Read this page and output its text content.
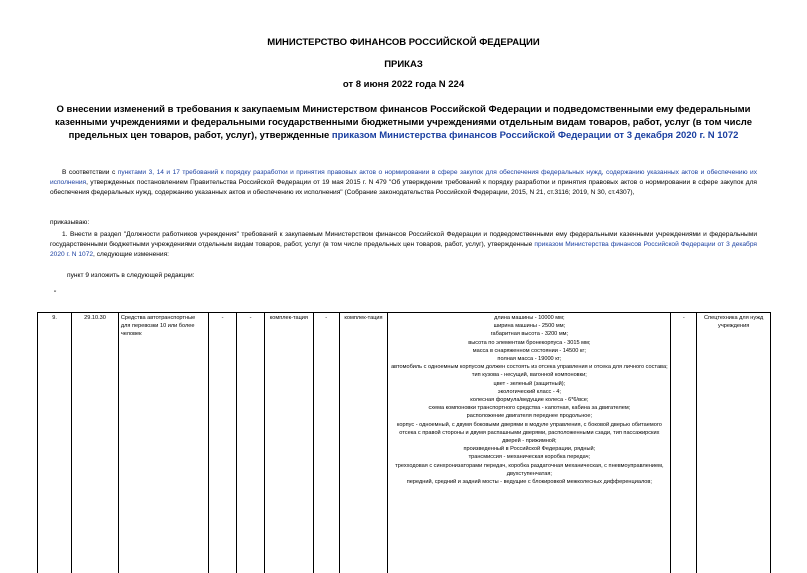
МИНИСТЕРСТВО ФИНАНСОВ РОССИЙСКОЙ ФЕДЕРАЦИИ
ПРИКАЗ
от 8 июня 2022 года N 224
О внесении изменений в требования к закупаемым Министерством финансов Российской Федерации и подведомственными ему федеральными казенными учреждениями и федеральными государственными бюджетными учреждениями отдельным видам товаров, работ, услуг (в том числе предельных цен товаров, работ, услуг), утвержденные приказом Министерства финансов Российской Федерации от 3 декабря 2020 г. N 1072
В соответствии с пунктами 3, 14 и 17 требований к порядку разработки и принятия правовых актов о нормировании в сфере закупок для обеспечения федеральных нужд, содержанию указанных актов и обеспечению их исполнения, утвержденных постановлением Правительства Российской Федерации от 19 мая 2015 г. N 479 "Об утверждении требований к порядку разработки и принятия правовых актов о нормировании в сфере закупок для обеспечения федеральных нужд, содержанию указанных актов и обеспечению их исполнения" (Собрание законодательства Российской Федерации, 2015, N 21, ст.3116; 2019, N 30, ст.4307),
приказываю:
1. Внести в раздел "Должности работников учреждения" требований к закупаемым Министерством финансов Российской Федерации и подведомственными ему федеральными казенными учреждениями и федеральными государственными бюджетными учреждениями отдельным видам товаров, работ, услуг (в том числе предельных цен товаров, работ, услуг), утвержденные приказом Министерства финансов Российской Федерации от 3 декабря 2020 г. N 1072, следующие изменения:
пункт 9 изложить в следующей редакции:
"
9.	29.10.30	Средства автотранспортные для перевозки 10 или более человек	-	-	комплек-тация	-	комплек-тация	длина машины - 10000 мм;
ширина машины - 2500 мм;
габаритная высота - 3200 мм;
высота по элементам бронекорпуса - 3015 мм;
масса в снаряженном состоянии - 14500 кг;
полная масса - 19000 кг;
автомобиль с одноемным корпусом должен состоять из отсека управления и отсека для личного состава;
тип кузова - несущий, вагонной компоновки;
цвет - зеленый (защитный);
экологический класс - 4;
колесная формула/ведущие колеса - 6*6/все;
схема компоновки транспортного средства - капотная, кабина за двигателем;
расположение двигателя переднее продольное;
корпус - одноемный, с двумя боковыми дверями в модуле управления, с боковой дверью обитаемого отсека с правой стороны и двумя распашными дверями, расположенными сзади, тип пассажирских дверей - прижимной;
произведенный в Российской Федерации, рядный;
трансмиссия - механическая коробка передач;
трехходовая с синхронизаторами передач, коробка раздаточная механическая, с пневмоуправлением, двухступенчатая;
передний, средний и задний мосты - ведущие с блокировкой межколесных дифференциалов;
	-	Спецтехника для нужд учреждения
